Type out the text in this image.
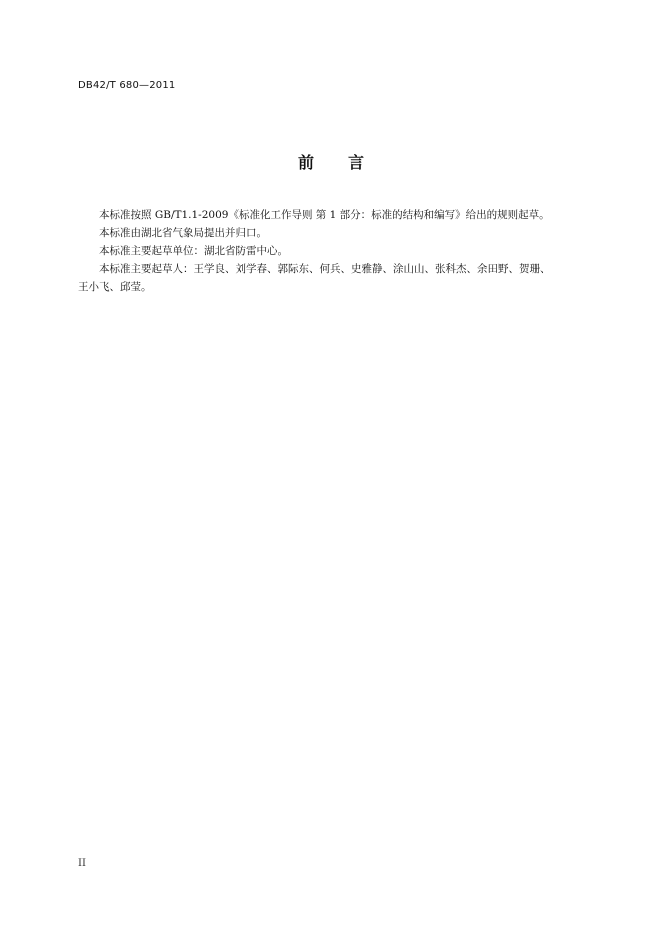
DB42/T 680—2011
前 言

本标准按照 GB/T1.1-2009《标准化工作导则 第 1 部分：标准的结构和编写》给出的规则起草。

本标准由湖北省气象局提出并归口。

本标准主要起草单位：湖北省防雷中心。

本标准主要起草人：王学良、刘学春、郭际东、何兵、史雅静、涂山山、张科杰、余田野、贺珊、

王小飞、邱莹。

II
